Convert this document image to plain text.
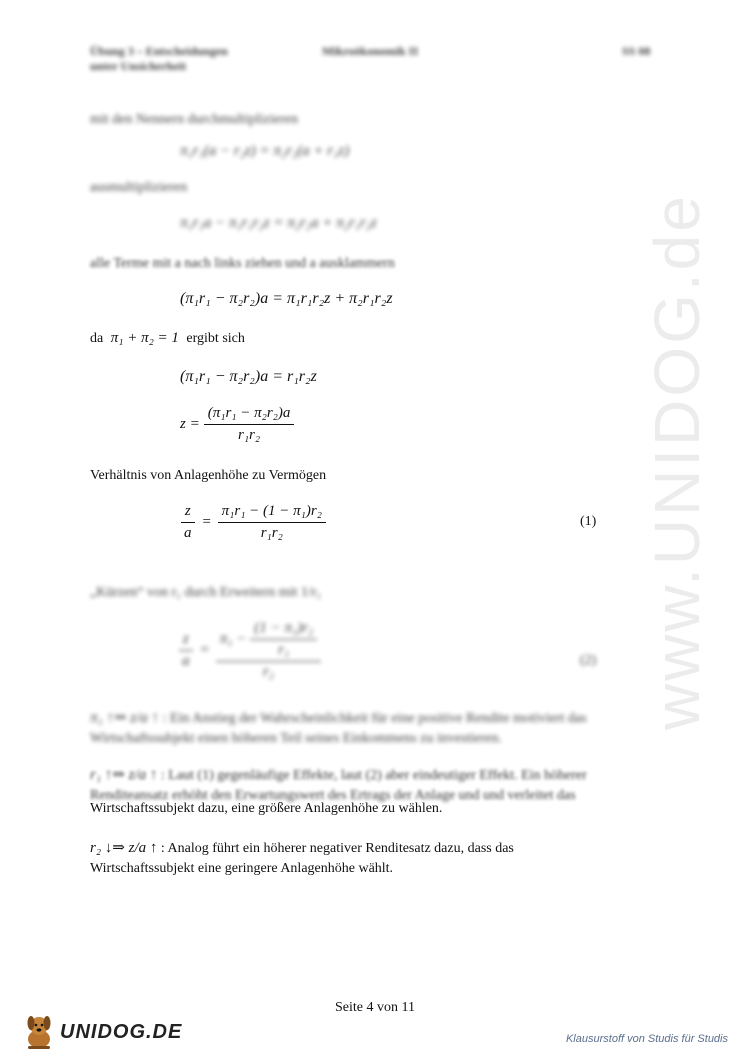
www.UNIDOG.de
Übung 3 – Entscheidungen
unter Unsicherheit
Mikroökonomik II	SS 08
mit den Nennern durchmultiplizieren
π₁r₁(a − r₂z) = π₂r₂(a + r₁z)
ausmultiplizieren
π₁r₁a − π₁r₁r₂z = π₂r₂a + π₂r₁r₂z
alle Terme mit a nach links ziehen und a ausklammern
(π₁r₁ − π₂r₂)a = π₁r₁r₂z + π₂r₁r₂z
da π₁ + π₂ = 1 ergibt sich
(π₁r₁ − π₂r₂)a = r₁r₂z
$z = \frac{\text{(π₁r₁ − π₂r₂)a}}{\text{r₁r₂}}$
Verhältnis von Anlagenhöhe zu Vermögen
$\frac{z}{a} = \frac{\text{π₁r₁ − (1 − π₁)r₂}}{\text{r₁r₂}}$	(1)
„Kürzen“ von r₁ durch Erweitern mit 1/r₁
$\frac{z}{a} = \frac{\pi_1 - \frac{\text{(1 − π₁)r₂}}{\text{r₁}}}{\text{r₂}}$	(2)
π₁ ↑⇒ z/a ↑ : Ein Anstieg der Wahrscheinlichkeit für eine positive Rendite motiviert das
Wirtschaftssubjekt einen höheren Teil seines Einkommens zu investieren.
r₁ ↑⇒ z/a ↑ : Laut (1) gegenläufige Effekte, laut (2) aber eindeutiger Effekt. Ein höherer
Renditeansatz erhöht den Erwartungswert des Ertrags der Anlage und und verleitet das
Wirtschaftssubjekt dazu, eine größere Anlagenhöhe zu wählen.
r₂ ↓⇒ z/a ↑ : Analog führt ein höherer negativer Renditesatz dazu, dass das
Wirtschaftssubjekt eine geringere Anlagenhöhe wählt.
Seite 4 von 11
UNIDOG.DE	Klausurstoff von Studis für Studis
